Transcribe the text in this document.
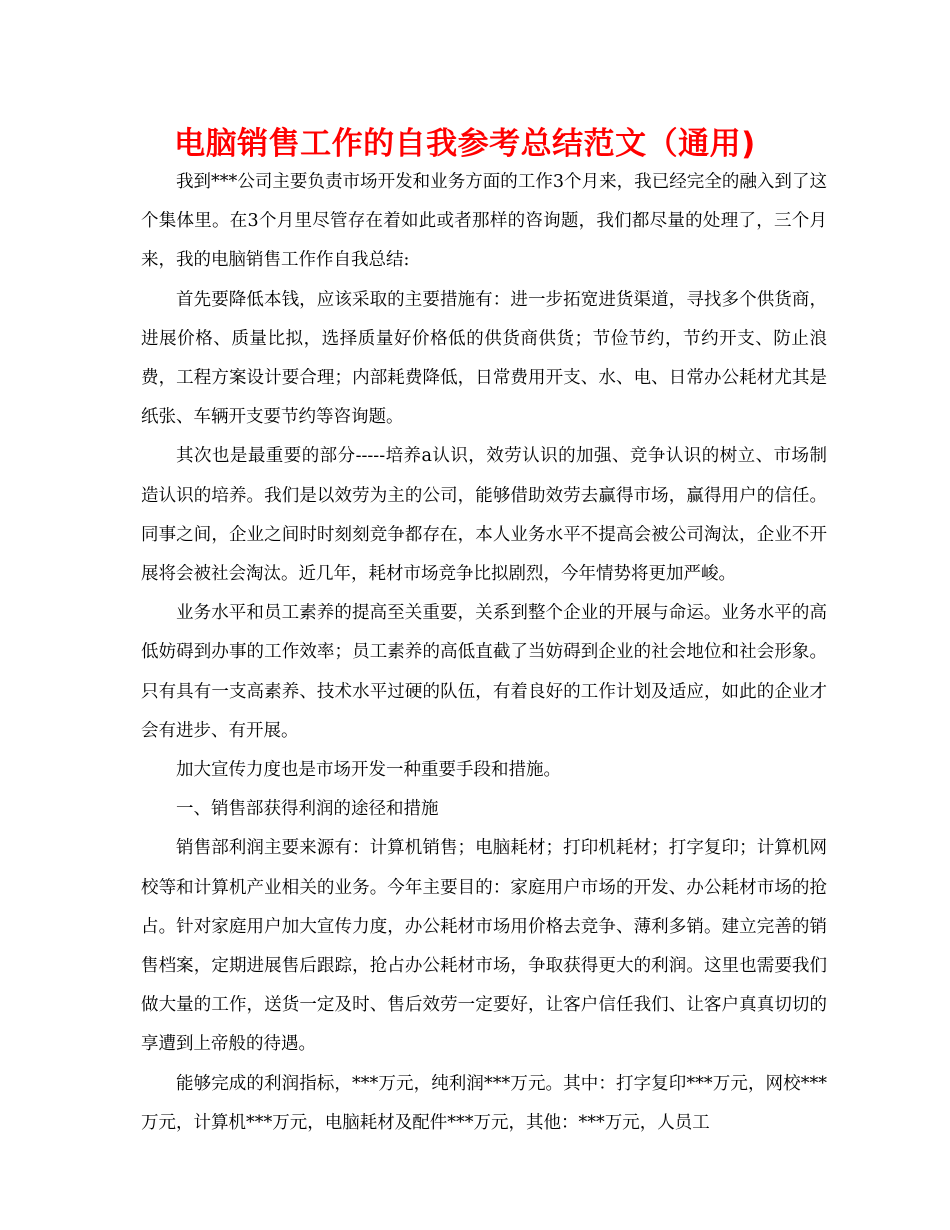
电脑销售工作的自我参考总结范文（通用)

我到***公司主要负责市场开发和业务方面的工作3个月来，我已经完全的融入到了这个集体里。在3个月里尽管存在着如此或者那样的咨询题，我们都尽量的处理了，三个月来，我的电脑销售工作作自我总结:

首先要降低本钱，应该采取的主要措施有：进一步拓宽进货渠道，寻找多个供货商，进展价格、质量比拟，选择质量好价格低的供货商供货；节俭节约，节约开支、防止浪费，工程方案设计要合理；内部耗费降低，日常费用开支、水、电、日常办公耗材尤其是纸张、车辆开支要节约等咨询题。

其次也是最重要的部分-----培养a认识，效劳认识的加强、竞争认识的树立、市场制造认识的培养。我们是以效劳为主的公司，能够借助效劳去赢得市场，赢得用户的信任。同事之间，企业之间时时刻刻竞争都存在，本人业务水平不提高会被公司淘汰，企业不开展将会被社会淘汰。近几年，耗材市场竞争比拟剧烈，今年情势将更加严峻。

业务水平和员工素养的提高至关重要，关系到整个企业的开展与命运。业务水平的高低妨碍到办事的工作效率；员工素养的高低直截了当妨碍到企业的社会地位和社会形象。只有具有一支高素养、技术水平过硬的队伍，有着良好的工作计划及适应，如此的企业才会有进步、有开展。

加大宣传力度也是市场开发一种重要手段和措施。

一、销售部获得利润的途径和措施

销售部利润主要来源有：计算机销售；电脑耗材；打印机耗材；打字复印；计算机网校等和计算机产业相关的业务。今年主要目的：家庭用户市场的开发、办公耗材市场的抢占。针对家庭用户加大宣传力度，办公耗材市场用价格去竞争、薄利多销。建立完善的销售档案，定期进展售后跟踪，抢占办公耗材市场，争取获得更大的利润。这里也需要我们做大量的工作，送货一定及时、售后效劳一定要好，让客户信任我们、让客户真真切切的享遭到上帝般的待遇。

能够完成的利润指标，***万元，纯利润***万元。其中：打字复印***万元，网校***万元，计算机***万元，电脑耗材及配件***万元，其他：***万元，人员工
